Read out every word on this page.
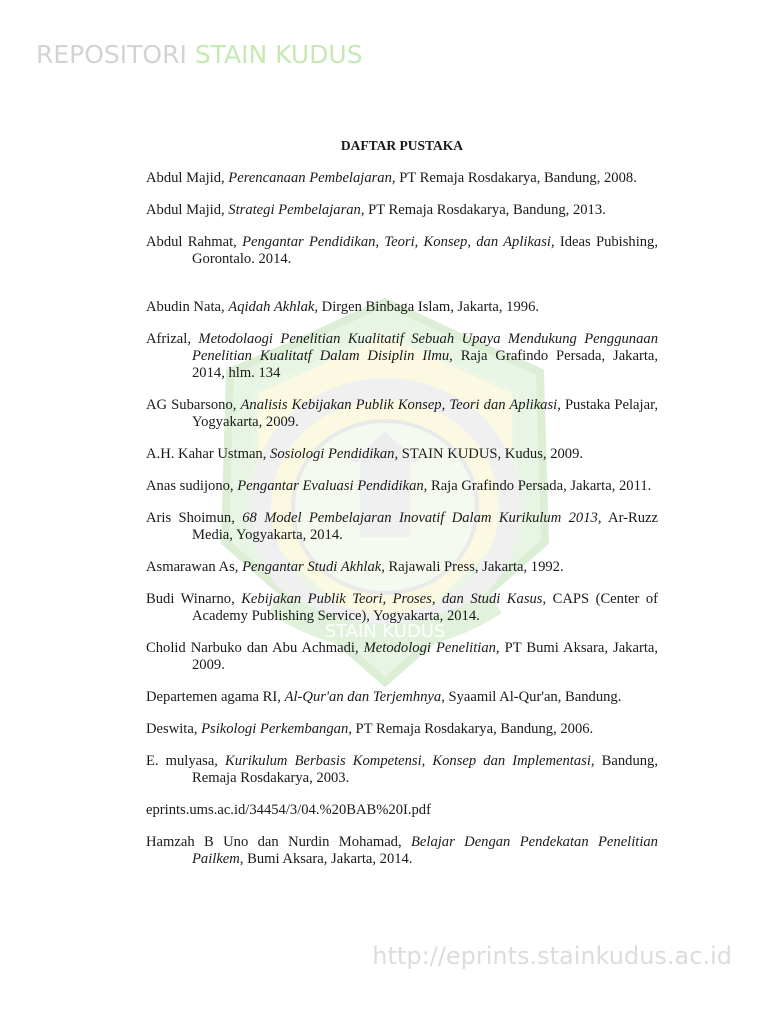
REPOSITORI STAIN KUDUS
STAIN KUDUS
DAFTAR PUSTAKA

Abdul Majid, Perencanaan Pembelajaran, PT Remaja Rosdakarya, Bandung, 2008.

Abdul Majid, Strategi Pembelajaran, PT Remaja Rosdakarya, Bandung, 2013.

Abdul Rahmat, Pengantar Pendidikan, Teori, Konsep, dan Aplikasi, Ideas Pubishing, Gorontalo. 2014.

Abudin Nata, Aqidah Akhlak, Dirgen Binbaga Islam, Jakarta, 1996.

Afrizal, Metodolaogi Penelitian Kualitatif Sebuah Upaya Mendukung Penggunaan Penelitian Kualitatf Dalam Disiplin Ilmu, Raja Grafindo Persada, Jakarta, 2014, hlm. 134

AG Subarsono, Analisis Kebijakan Publik Konsep, Teori dan Aplikasi, Pustaka Pelajar, Yogyakarta, 2009.

A.H. Kahar Ustman, Sosiologi Pendidikan, STAIN KUDUS, Kudus, 2009.

Anas sudijono, Pengantar Evaluasi Pendidikan, Raja Grafindo Persada, Jakarta, 2011.

Aris Shoimun, 68 Model Pembelajaran Inovatif Dalam Kurikulum 2013, Ar-Ruzz Media, Yogyakarta, 2014.

Asmarawan As, Pengantar Studi Akhlak, Rajawali Press, Jakarta, 1992.

Budi Winarno, Kebijakan Publik Teori, Proses, dan Studi Kasus, CAPS (Center of Academy Publishing Service), Yogyakarta, 2014.

Cholid Narbuko dan Abu Achmadi, Metodologi Penelitian, PT Bumi Aksara, Jakarta, 2009.

Departemen agama RI, Al-Qur'an dan Terjemhnya, Syaamil Al-Qur'an, Bandung.

Deswita, Psikologi Perkembangan, PT Remaja Rosdakarya, Bandung, 2006.

E. mulyasa, Kurikulum Berbasis Kompetensi, Konsep dan Implementasi, Bandung, Remaja Rosdakarya, 2003.

eprints.ums.ac.id/34454/3/04.%20BAB%20I.pdf

Hamzah B Uno dan Nurdin Mohamad, Belajar Dengan Pendekatan Penelitian Pailkem, Bumi Aksara, Jakarta, 2014.

http://eprints.stainkudus.ac.id
